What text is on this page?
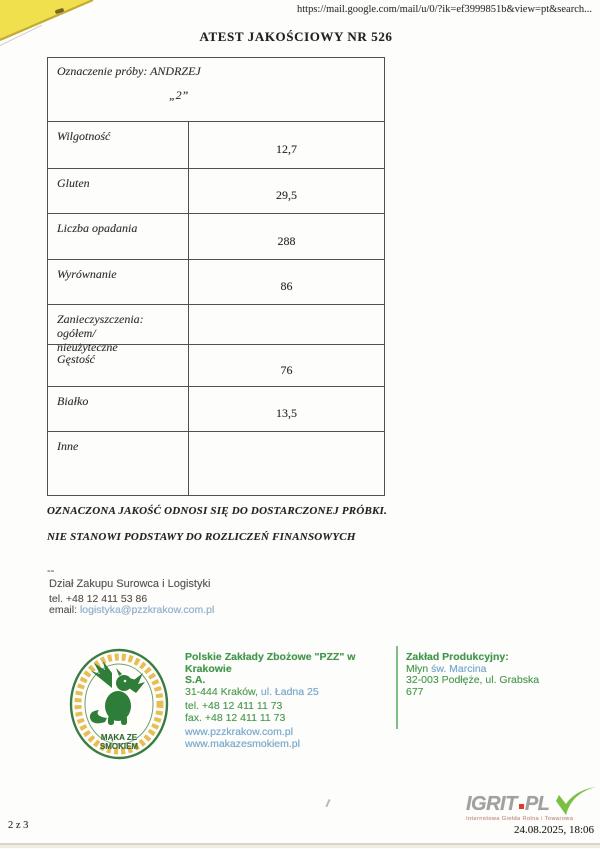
https://mail.google.com/mail/u/0/?ik=ef3999851b&view=pt&search...
ATEST JAKOŚCIOWY NR 526
Oznaczenie próby: ANDRZEJ
„2”
Wilgotność
12,7
Gluten
29,5
Liczba opadania
288
Wyrównanie
86
Zanieczyszczenia: ogółem/
nieużyteczne
Gęstość
76
Białko
13,5
Inne
OZNACZONA JAKOŚĆ ODNOSI SIĘ DO DOSTARCZONEJ PRÓBKI.
NIE STANOWI PODSTAWY DO ROZLICZEŃ FINANSOWYCH
--
Dział Zakupu Surowca i Logistyki
tel. +48 12 411 53 86
email: logistyka@pzzkrakow.com.pl
MĄKA ZE
SMOKIEM
Polskie Zakłady Zbożowe "PZZ" w Krakowie
S.A.
31-444 Kraków, ul. Ładna 25
tel. +48 12 411 11 73
fax. +48 12 411 11 73
www.pzzkrakow.com.pl
www.makazesmokiem.pl
Zakład Produkcyjny:
Młyn św. Marcina
32-003 Podłęże, ul. Grabska
677
2 z 3
IGRIT PL
Internetowa Giełda Rolna i Towarowa
24.08.2025, 18:06
